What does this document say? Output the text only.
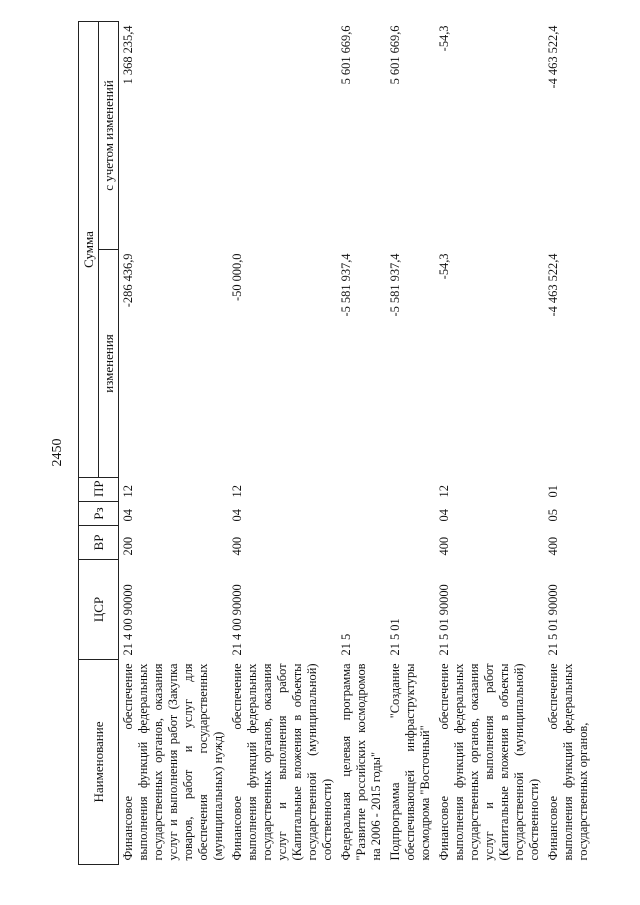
2450
Наименование	ЦСР	ВР	Рз	ПР	Сумма	
					изменения	с учетом изменений
Финансовое обеспечение выполнения функций федеральных государственных органов, оказания услуг и выполнения работ (Закупка товаров, работ и услуг для обеспечения государственных (муниципальных) нужд)	21 4 00 90000	200	04	12	-286 436,9	1 368 235,4
Финансовое обеспечение выполнения функций федеральных государственных органов, оказания услуг и выполнения работ (Капитальные вложения в объекты государственной (муниципальной) собственности)	21 4 00 90000	400	04	12	-50 000,0	
Федеральная целевая программа "Развитие российских космодромов на 2006 - 2015 годы"	21 5				-5 581 937,4	5 601 669,6
Подпрограмма "Создание обеспечивающей инфраструктуры космодрома "Восточный"	21 5 01				-5 581 937,4	5 601 669,6
Финансовое обеспечение выполнения функций федеральных государственных органов, оказания услуг и выполнения работ (Капитальные вложения в объекты государственной (муниципальной) собственности)	21 5 01 90000	400	04	12	-54,3	-54,3
Финансовое обеспечение выполнения функций федеральных государственных органов,	21 5 01 90000	400	05	01	-4 463 522,4	-4 463 522,4
